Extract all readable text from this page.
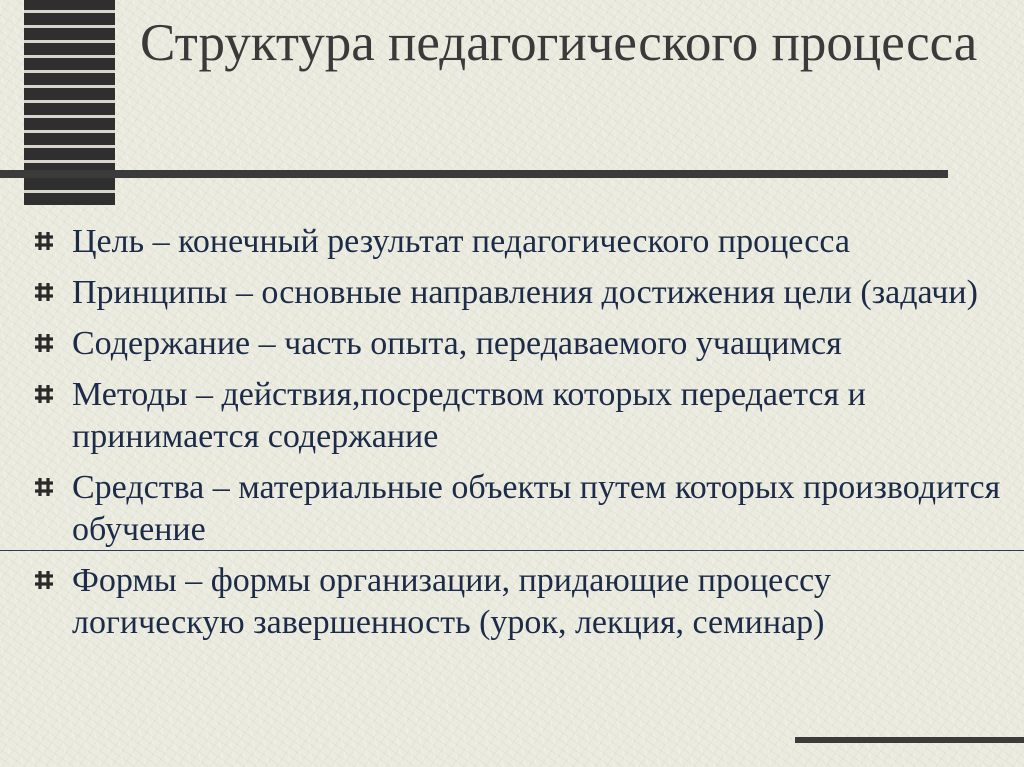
Структура педагогического процесса
Цель – конечный результат педагогического процесса
Принципы – основные направления достижения цели (задачи)
Содержание – часть опыта, передаваемого учащимся
Методы – действия,посредством которых передается и принимается содержание
Средства – материальные объекты путем которых производится обучение
Формы – формы организации, придающие процессу логическую завершенность (урок, лекция, семинар)
